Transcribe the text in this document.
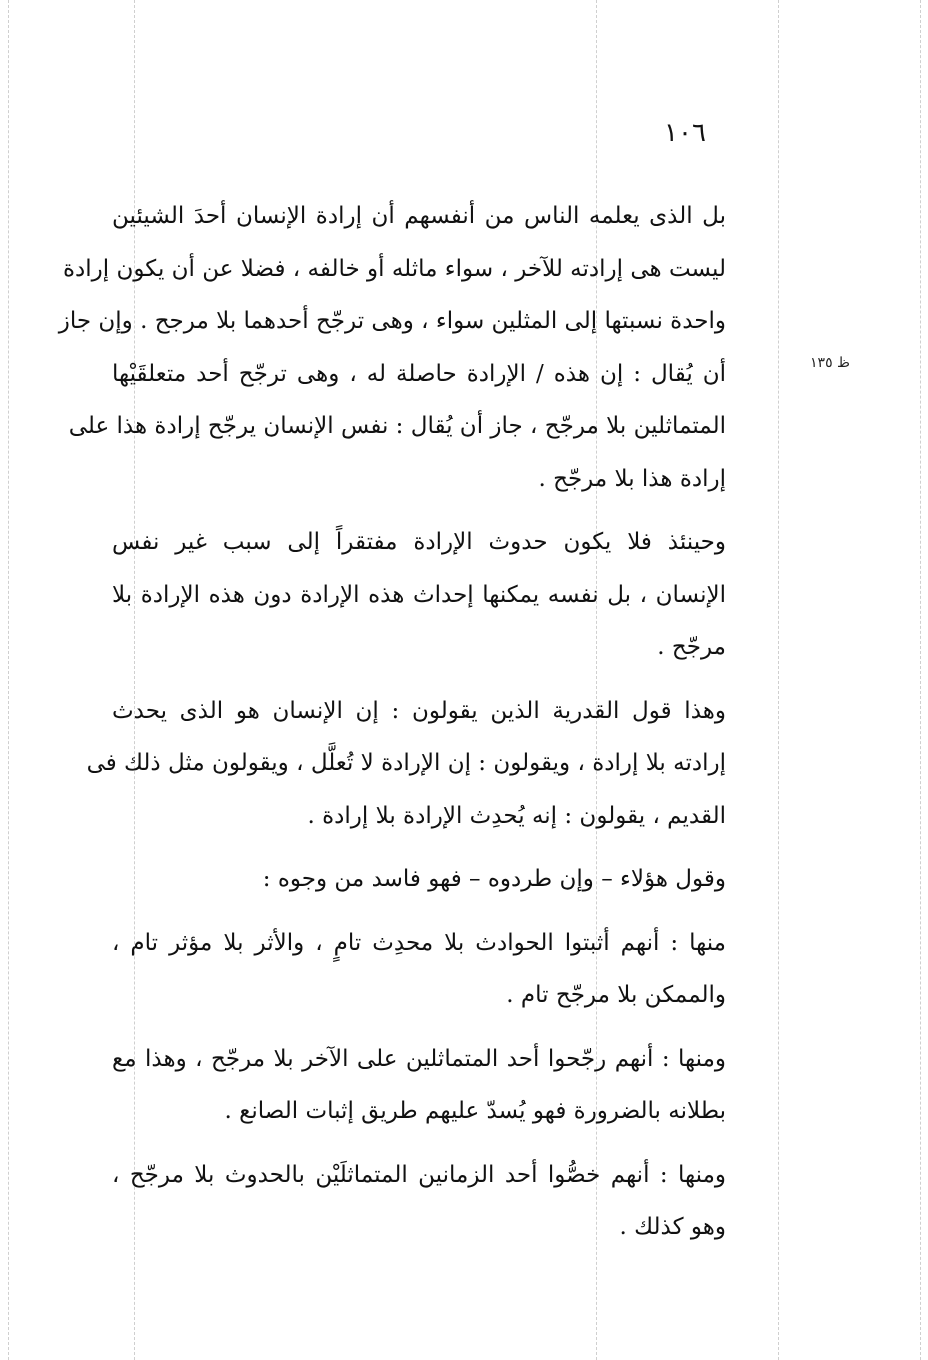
١٠٦
ظ ١٣٥

بل الذى يعلمه الناس من أنفسهم أن إرادة الإنسان أحدَ الشيئين
ليست هى إرادته للآخر ، سواء ماثله أو خالفه ، فضلا عن أن يكون إرادة
واحدة نسبتها إلى المثلين سواء ، وهى ترجّح أحدهما بلا مرجح . وإن جاز
أن يُقال : إن هذه / الإرادة حاصلة له ، وهى ترجّح أحد متعلقَيْها
المتماثلين بلا مرجّح ، جاز أن يُقال : نفس الإنسان يرجّح إرادة هذا على
إرادة هذا بلا مرجّح .

وحينئذ فلا يكون حدوث الإرادة مفتقراً إلى سبب غير نفس
الإنسان ، بل نفسه يمكنها إحداث هذه الإرادة دون هذه الإرادة بلا
مرجّح .

وهذا قول القدرية الذين يقولون : إن الإنسان هو الذى يحدث
إرادته بلا إرادة ، ويقولون : إن الإرادة لا تُعلَّل ، ويقولون مثل ذلك فى
القديم ، يقولون : إنه يُحدِث الإرادة بلا إرادة .

وقول هؤلاء – وإن طردوه – فهو فاسد من وجوه :

منها : أنهم أثبتوا الحوادث بلا محدِث تامٍ ، والأثر بلا مؤثر تام ،
والممكن بلا مرجّح تام .

ومنها : أنهم رجّحوا أحد المتماثلين على الآخر بلا مرجّح ، وهذا مع
بطلانه بالضرورة فهو يُسدّ عليهم طريق إثبات الصانع .

ومنها : أنهم خصُّوا أحد الزمانين المتماثلَيْن بالحدوث بلا مرجّح ،
وهو كذلك .
